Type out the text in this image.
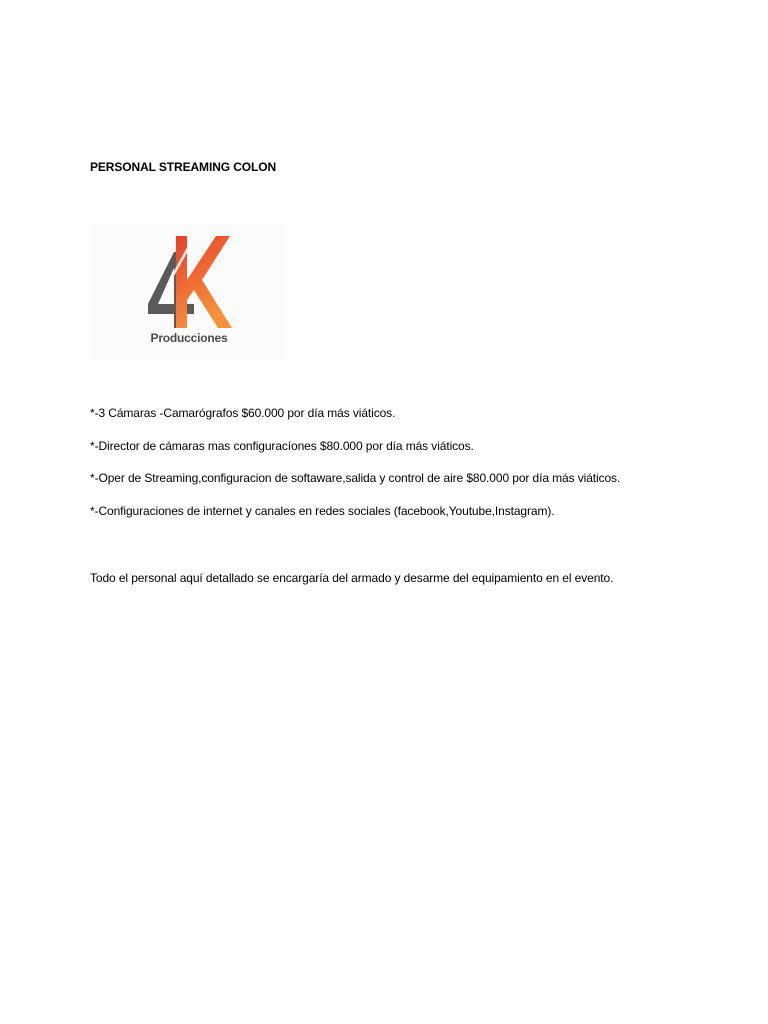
PERSONAL STREAMING COLON
Producciones
*-3 Cámaras -Camarógrafos $60.000 por día más viáticos.
*-Director de cámaras mas configuracíones $80.000 por día más viáticos.
*-Oper de Streaming,configuracion de softaware,salida y control de aire $80.000 por día más viáticos.
*-Configuraciones de internet y canales en redes sociales (facebook,Youtube,Instagram).
Todo el personal aquí detallado se encargaría del armado y desarme del equipamiento en el evento.
